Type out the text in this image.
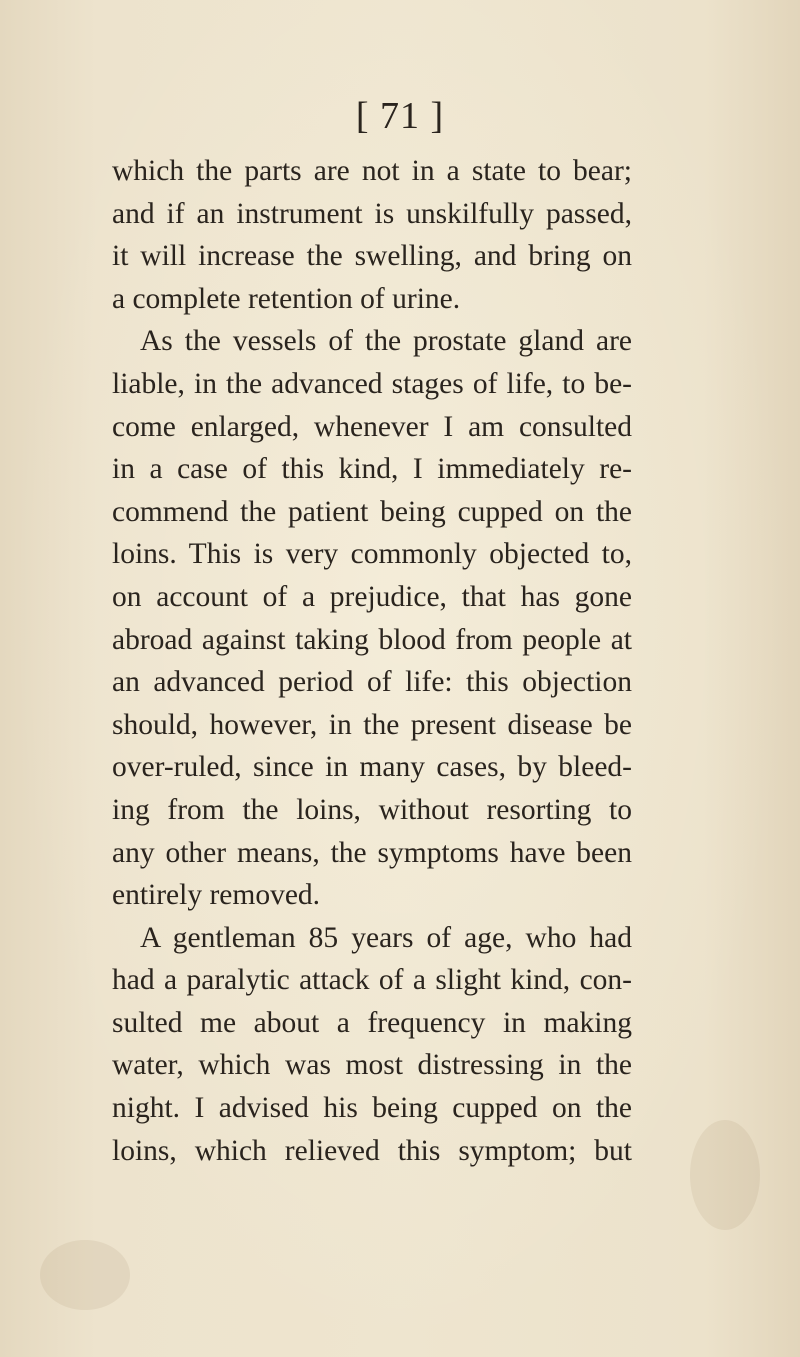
[ 71 ]
which the parts are not in a state to bear;
and if an instrument is unskilfully passed,
it will increase the swelling, and bring on
a complete retention of urine.
As the vessels of the prostate gland are
liable, in the advanced stages of life, to be-
come enlarged, whenever I am consulted
in a case of this kind, I immediately re-
commend the patient being cupped on the
loins. This is very commonly objected to,
on account of a prejudice, that has gone
abroad against taking blood from people at
an advanced period of life: this objection
should, however, in the present disease be
over-ruled, since in many cases, by bleed-
ing from the loins, without resorting to
any other means, the symptoms have been
entirely removed.
A gentleman 85 years of age, who had
had a paralytic attack of a slight kind, con-
sulted me about a frequency in making
water, which was most distressing in the
night. I advised his being cupped on the
loins, which relieved this symptom; but
